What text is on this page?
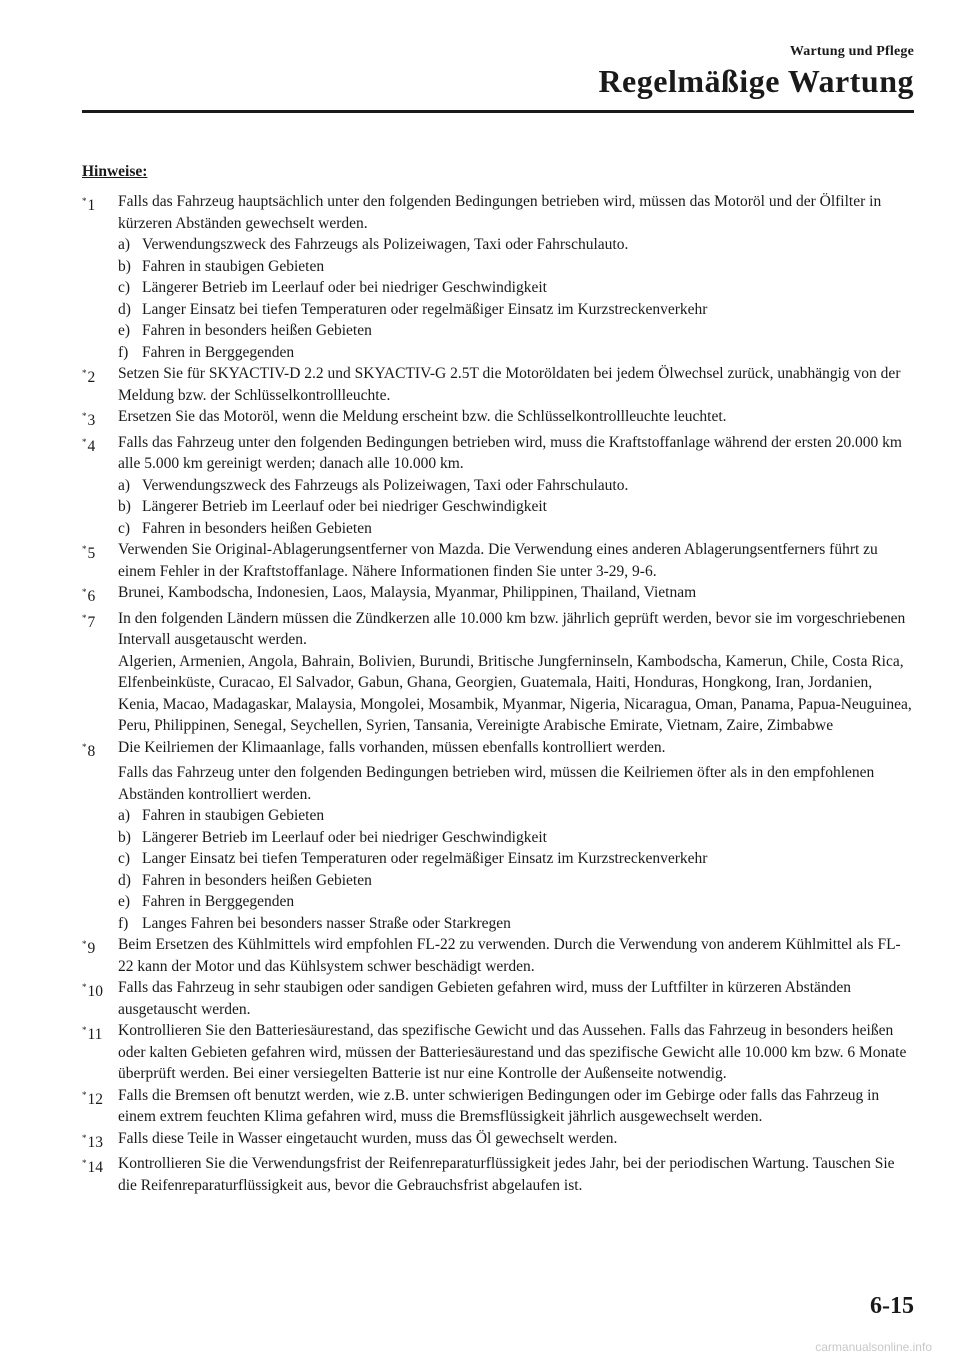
Wartung und Pflege
Regelmäßige Wartung
Hinweise:
*1	Falls das Fahrzeug hauptsächlich unter den folgenden Bedingungen betrieben wird, müssen das Motoröl und der Ölfilter in kürzeren Abständen gewechselt werden.
a) Verwendungszweck des Fahrzeugs als Polizeiwagen, Taxi oder Fahrschulauto.
b) Fahren in staubigen Gebieten
c) Längerer Betrieb im Leerlauf oder bei niedriger Geschwindigkeit
d) Langer Einsatz bei tiefen Temperaturen oder regelmäßiger Einsatz im Kurzstreckenverkehr
e) Fahren in besonders heißen Gebieten
f) Fahren in Berggegenden
*2	Setzen Sie für SKYACTIV-D 2.2 und SKYACTIV-G 2.5T die Motoröldaten bei jedem Ölwechsel zurück, unabhängig von der Meldung bzw. der Schlüsselkontrollleuchte.
*3	Ersetzen Sie das Motoröl, wenn die Meldung erscheint bzw. die Schlüsselkontrollleuchte leuchtet.
*4	Falls das Fahrzeug unter den folgenden Bedingungen betrieben wird, muss die Kraftstoffanlage während der ersten 20.000 km alle 5.000 km gereinigt werden; danach alle 10.000 km.
a) Verwendungszweck des Fahrzeugs als Polizeiwagen, Taxi oder Fahrschulauto.
b) Längerer Betrieb im Leerlauf oder bei niedriger Geschwindigkeit
c) Fahren in besonders heißen Gebieten
*5	Verwenden Sie Original-Ablagerungsentferner von Mazda. Die Verwendung eines anderen Ablagerungsentferners führt zu einem Fehler in der Kraftstoffanlage. Nähere Informationen finden Sie unter 3-29, 9-6.
*6	Brunei, Kambodscha, Indonesien, Laos, Malaysia, Myanmar, Philippinen, Thailand, Vietnam
*7	In den folgenden Ländern müssen die Zündkerzen alle 10.000 km bzw. jährlich geprüft werden, bevor sie im vorgeschriebenen Intervall ausgetauscht werden.
Algerien, Armenien, Angola, Bahrain, Bolivien, Burundi, Britische Jungferninseln, Kambodscha, Kamerun, Chile, Costa Rica, Elfenbeinküste, Curacao, El Salvador, Gabun, Ghana, Georgien, Guatemala, Haiti, Honduras, Hongkong, Iran, Jordanien, Kenia, Macao, Madagaskar, Malaysia, Mongolei, Mosambik, Myanmar, Nigeria, Nicaragua, Oman, Panama, Papua-Neuguinea, Peru, Philippinen, Senegal, Seychellen, Syrien, Tansania, Vereinigte Arabische Emirate, Vietnam, Zaire, Zimbabwe
*8	Die Keilriemen der Klimaanlage, falls vorhanden, müssen ebenfalls kontrolliert werden.
Falls das Fahrzeug unter den folgenden Bedingungen betrieben wird, müssen die Keilriemen öfter als in den empfohlenen Abständen kontrolliert werden.
a) Fahren in staubigen Gebieten
b) Längerer Betrieb im Leerlauf oder bei niedriger Geschwindigkeit
c) Langer Einsatz bei tiefen Temperaturen oder regelmäßiger Einsatz im Kurzstreckenverkehr
d) Fahren in besonders heißen Gebieten
e) Fahren in Berggegenden
f) Langes Fahren bei besonders nasser Straße oder Starkregen
*9	Beim Ersetzen des Kühlmittels wird empfohlen FL-22 zu verwenden. Durch die Verwendung von anderem Kühlmittel als FL-22 kann der Motor und das Kühlsystem schwer beschädigt werden.
*10 Falls das Fahrzeug in sehr staubigen oder sandigen Gebieten gefahren wird, muss der Luftfilter in kürzeren Abständen ausgetauscht werden.
*11	Kontrollieren Sie den Batteriesäurestand, das spezifische Gewicht und das Aussehen. Falls das Fahrzeug in besonders heißen oder kalten Gebieten gefahren wird, müssen der Batteriesäurestand und das spezifische Gewicht alle 10.000 km bzw. 6 Monate überprüft werden. Bei einer versiegelten Batterie ist nur eine Kontrolle der Außenseite notwendig.
*12 Falls die Bremsen oft benutzt werden, wie z.B. unter schwierigen Bedingungen oder im Gebirge oder falls das Fahrzeug in einem extrem feuchten Klima gefahren wird, muss die Bremsflüssigkeit jährlich ausgewechselt werden.
*13 Falls diese Teile in Wasser eingetaucht wurden, muss das Öl gewechselt werden.
*14 Kontrollieren Sie die Verwendungsfrist der Reifenreparaturflüssigkeit jedes Jahr, bei der periodischen Wartung. Tauschen Sie die Reifenreparaturflüssigkeit aus, bevor die Gebrauchsfrist abgelaufen ist.
6-15
carmanualsonline.info
